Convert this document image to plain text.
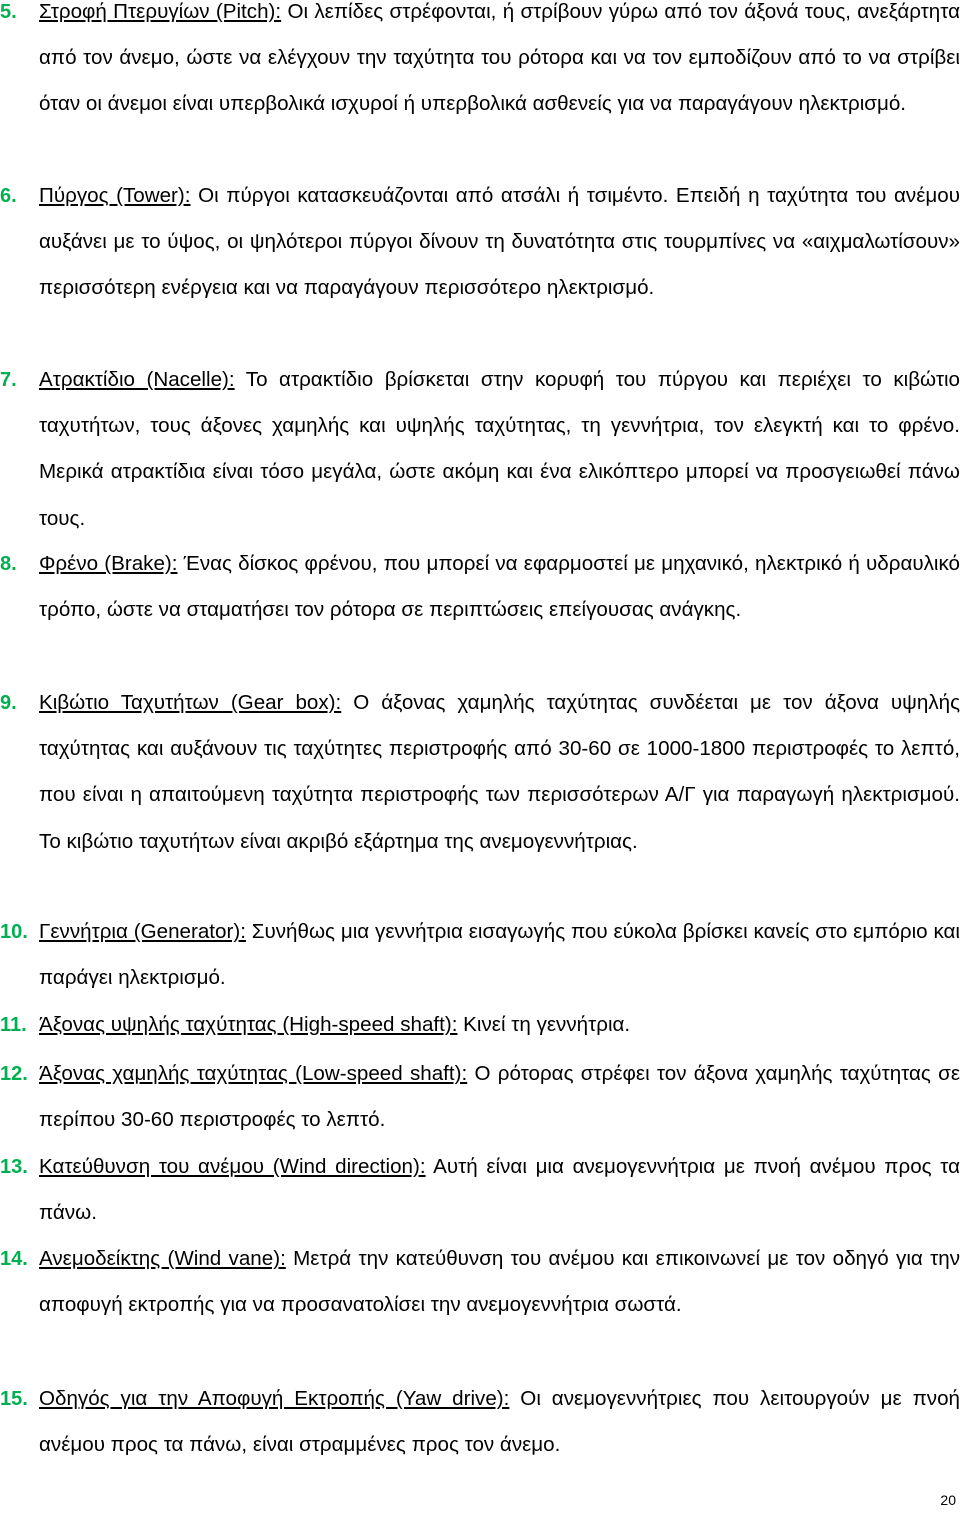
5. Στροφή Πτερυγίων (Pitch): Οι λεπίδες στρέφονται, ή στρίβουν γύρω από τον άξονά τους, ανεξάρτητα από τον άνεμο, ώστε να ελέγχουν την ταχύτητα του ρότορα και να τον εμποδίζουν από το να στρίβει όταν οι άνεμοι είναι υπερβολικά ισχυροί ή υπερβολικά ασθενείς για να παραγάγουν ηλεκτρισμό.
6. Πύργος (Tower): Οι πύργοι κατασκευάζονται από ατσάλι ή τσιμέντο. Επειδή η ταχύτητα του ανέμου αυξάνει με το ύψος, οι ψηλότεροι πύργοι δίνουν τη δυνατότητα στις τουρμπίνες να «αιχμαλωτίσουν» περισσότερη ενέργεια και να παραγάγουν περισσότερο ηλεκτρισμό.
7. Ατρακτίδιο (Nacelle): Το ατρακτίδιο βρίσκεται στην κορυφή του πύργου και περιέχει το κιβώτιο ταχυτήτων, τους άξονες χαμηλής και υψηλής ταχύτητας, τη γεννήτρια, τον ελεγκτή και το φρένο. Μερικά ατρακτίδια είναι τόσο μεγάλα, ώστε ακόμη και ένα ελικόπτερο μπορεί να προσγειωθεί πάνω τους.
8. Φρένο (Brake): Ένας δίσκος φρένου, που μπορεί να εφαρμοστεί με μηχανικό, ηλεκτρικό ή υδραυλικό τρόπο, ώστε να σταματήσει τον ρότορα σε περιπτώσεις επείγουσας ανάγκης.
9. Κιβώτιο Ταχυτήτων (Gear box): Ο άξονας χαμηλής ταχύτητας συνδέεται με τον άξονα υψηλής ταχύτητας και αυξάνουν τις ταχύτητες περιστροφής από 30-60 σε 1000-1800 περιστροφές το λεπτό, που είναι η απαιτούμενη ταχύτητα περιστροφής των περισσότερων Α/Γ για παραγωγή ηλεκτρισμού. Το κιβώτιο ταχυτήτων είναι ακριβό εξάρτημα της ανεμογεννήτριας.
10. Γεννήτρια (Generator): Συνήθως μια γεννήτρια εισαγωγής που εύκολα βρίσκει κανείς στο εμπόριο και παράγει ηλεκτρισμό.
11. Άξονας υψηλής ταχύτητας (High-speed shaft): Κινεί τη γεννήτρια.
12. Άξονας χαμηλής ταχύτητας (Low-speed shaft): Ο ρότορας στρέφει τον άξονα χαμηλής ταχύτητας σε περίπου 30-60 περιστροφές το λεπτό.
13. Κατεύθυνση του ανέμου (Wind direction): Αυτή είναι μια ανεμογεννήτρια με πνοή ανέμου προς τα πάνω.
14. Ανεμοδείκτης (Wind vane): Μετρά την κατεύθυνση του ανέμου και επικοινωνεί με τον οδηγό για την αποφυγή εκτροπής για να προσανατολίσει την ανεμογεννήτρια σωστά.
15. Οδηγός για την Αποφυγή Εκτροπής (Yaw drive): Οι ανεμογεννήτριες που λειτουργούν με πνοή ανέμου προς τα πάνω, είναι στραμμένες προς τον άνεμο.
20
